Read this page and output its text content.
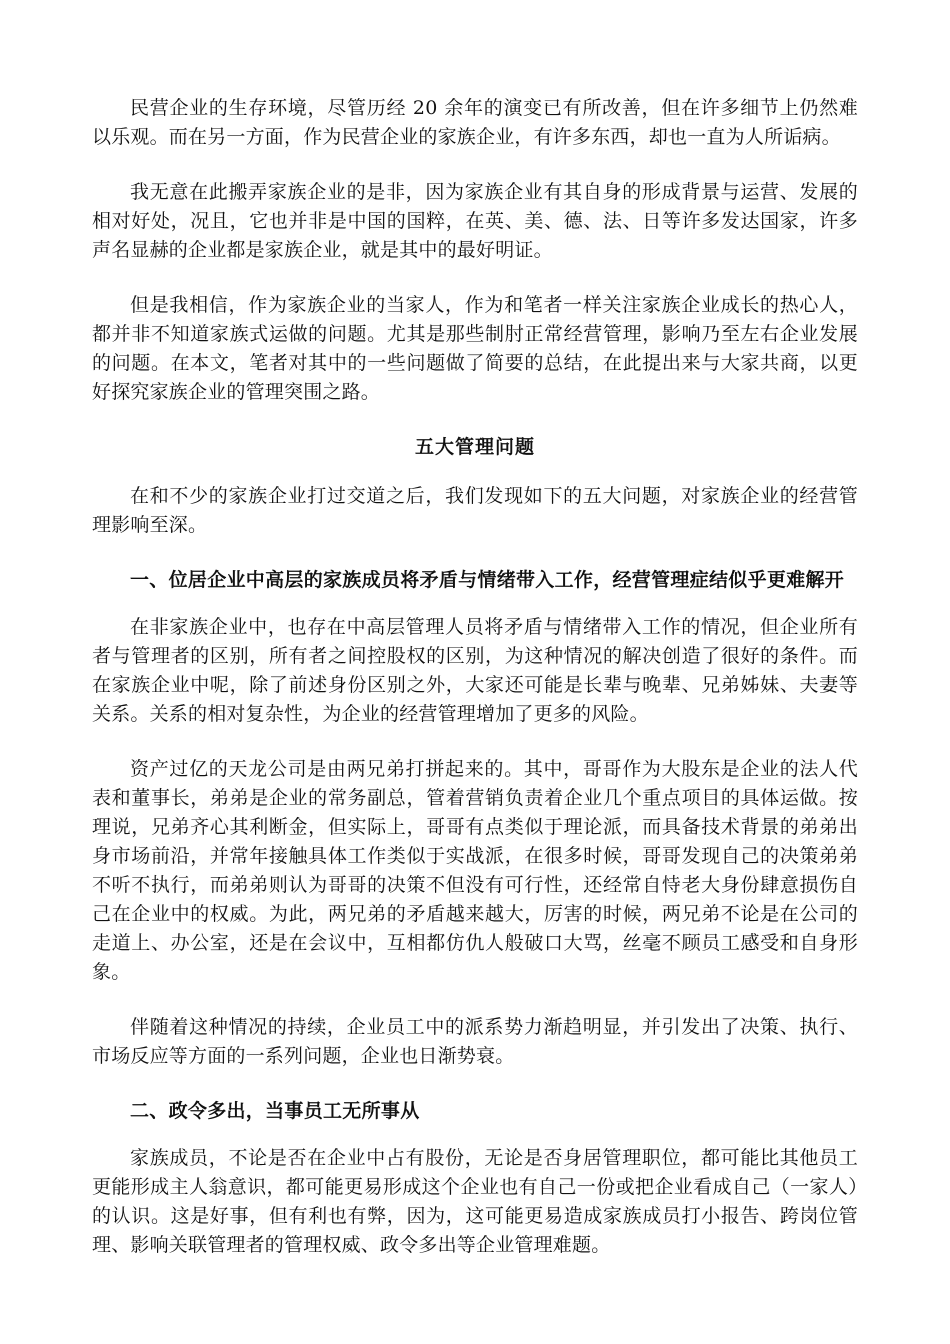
民营企业的生存环境，尽管历经 20 余年的演变已有所改善，但在许多细节上仍然难以乐观。而在另一方面，作为民营企业的家族企业，有许多东西，却也一直为人所诟病。

我无意在此搬弄家族企业的是非，因为家族企业有其自身的形成背景与运营、发展的相对好处，况且，它也并非是中国的国粹，在英、美、德、法、日等许多发达国家，许多声名显赫的企业都是家族企业，就是其中的最好明证。

但是我相信，作为家族企业的当家人，作为和笔者一样关注家族企业成长的热心人，都并非不知道家族式运做的问题。尤其是那些制肘正常经营管理，影响乃至左右企业发展的问题。在本文，笔者对其中的一些问题做了简要的总结，在此提出来与大家共商，以更好探究家族企业的管理突围之路。

五大管理问题

在和不少的家族企业打过交道之后，我们发现如下的五大问题，对家族企业的经营管理影响至深。

一、位居企业中高层的家族成员将矛盾与情绪带入工作，经营管理症结似乎更难解开

在非家族企业中，也存在中高层管理人员将矛盾与情绪带入工作的情况，但企业所有者与管理者的区别，所有者之间控股权的区别，为这种情况的解决创造了很好的条件。而在家族企业中呢，除了前述身份区别之外，大家还可能是长辈与晚辈、兄弟姊妹、夫妻等关系。关系的相对复杂性，为企业的经营管理增加了更多的风险。

资产过亿的天龙公司是由两兄弟打拼起来的。其中，哥哥作为大股东是企业的法人代表和董事长，弟弟是企业的常务副总，管着营销负责着企业几个重点项目的具体运做。按理说，兄弟齐心其利断金，但实际上，哥哥有点类似于理论派，而具备技术背景的弟弟出身市场前沿，并常年接触具体工作类似于实战派，在很多时候，哥哥发现自己的决策弟弟不听不执行，而弟弟则认为哥哥的决策不但没有可行性，还经常自恃老大身份肆意损伤自己在企业中的权威。为此，两兄弟的矛盾越来越大，厉害的时候，两兄弟不论是在公司的走道上、办公室，还是在会议中，互相都仿仇人般破口大骂，丝毫不顾员工感受和自身形象。

伴随着这种情况的持续，企业员工中的派系势力渐趋明显，并引发出了决策、执行、市场反应等方面的一系列问题，企业也日渐势衰。

二、政令多出，当事员工无所事从

家族成员，不论是否在企业中占有股份，无论是否身居管理职位，都可能比其他员工更能形成主人翁意识，都可能更易形成这个企业也有自己一份或把企业看成自己（一家人）的认识。这是好事，但有利也有弊，因为，这可能更易造成家族成员打小报告、跨岗位管理、影响关联管理者的管理权威、政令多出等企业管理难题。
